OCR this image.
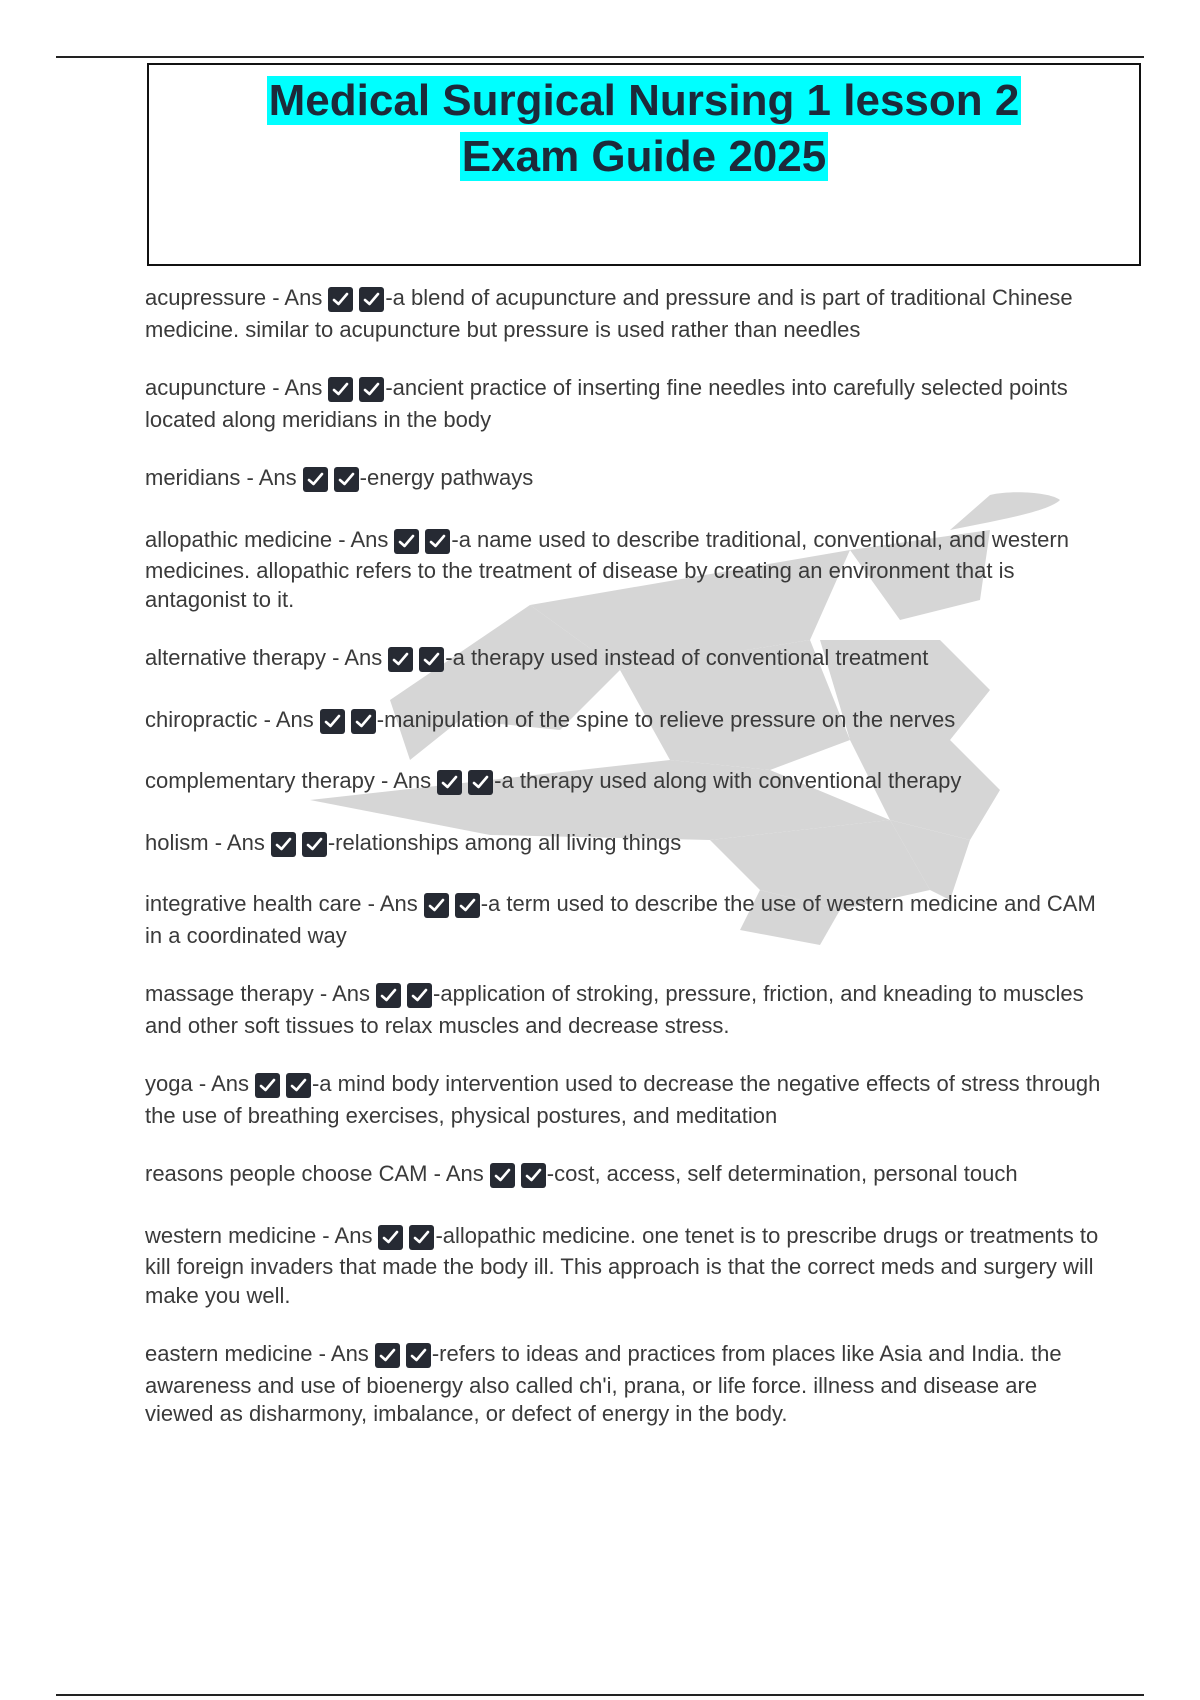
Medical Surgical Nursing 1 lesson 2
Exam Guide 2025

acupressure - Ans	-a blend of acupuncture and pressure and is part of traditional Chinese medicine. similar to acupuncture but pressure is used rather than needles

acupuncture - Ans	-ancient practice of inserting fine needles into carefully selected points located along meridians in the body

meridians - Ans	-energy pathways

allopathic medicine - Ans	-a name used to describe traditional, conventional, and western medicines. allopathic refers to the treatment of disease by creating an environment that is antagonist to it.

alternative therapy - Ans	-a therapy used instead of conventional treatment

chiropractic - Ans	-manipulation of the spine to relieve pressure on the nerves

complementary therapy - Ans	-a therapy used along with conventional therapy

holism - Ans	-relationships among all living things

integrative health care - Ans	-a term used to describe the use of western medicine and CAM in a coordinated way

massage therapy - Ans	-application of stroking, pressure, friction, and kneading to muscles and other soft tissues to relax muscles and decrease stress.

yoga - Ans	-a mind body intervention used to decrease the negative effects of stress through the use of breathing exercises, physical postures, and meditation

reasons people choose CAM - Ans	-cost, access, self determination, personal touch

western medicine - Ans	-allopathic medicine. one tenet is to prescribe drugs or treatments to kill foreign invaders that made the body ill. This approach is that the correct meds and surgery will make you well.

eastern medicine - Ans	-refers to ideas and practices from places like Asia and India. the awareness and use of bioenergy also called ch'i, prana, or life force. illness and disease are viewed as disharmony, imbalance, or defect of energy in the body.
